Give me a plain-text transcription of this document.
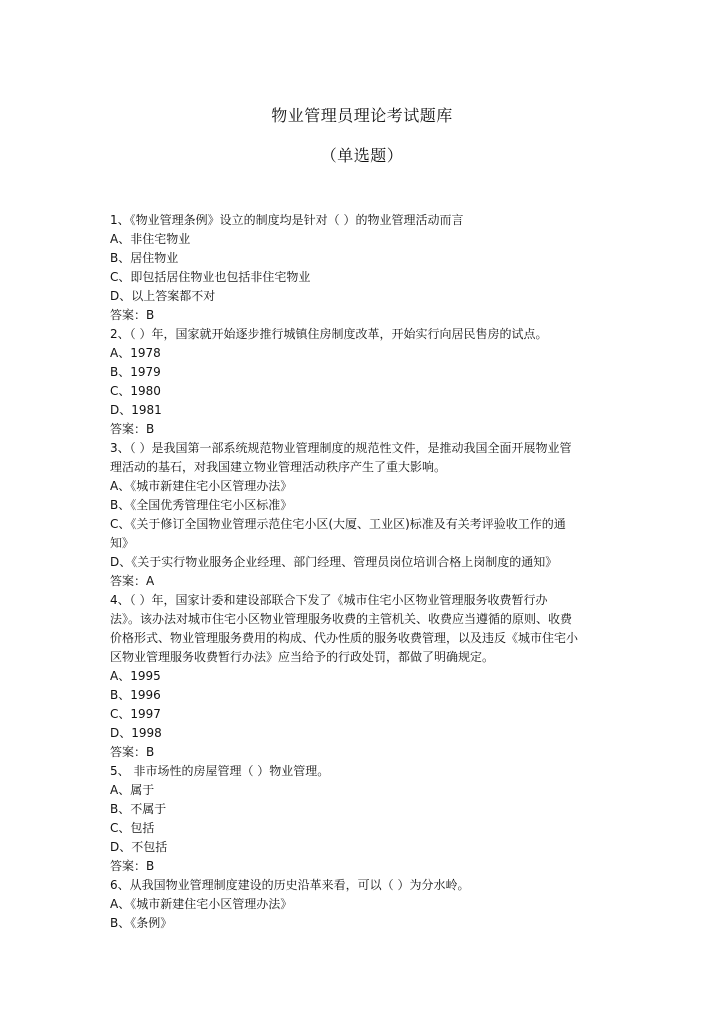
物业管理员理论考试题库
（单选题）
1、《物业管理条例》设立的制度均是针对（ ）的物业管理活动而言
A、非住宅物业
B、居住物业
C、即包括居住物业也包括非住宅物业
D、以上答案都不对
答案：B
2、（ ）年，国家就开始逐步推行城镇住房制度改革，开始实行向居民售房的试点。
A、1978
B、1979
C、1980
D、1981
答案：B
3、（ ）是我国第一部系统规范物业管理制度的规范性文件，是推动我国全面开展物业管
理活动的基石，对我国建立物业管理活动秩序产生了重大影响。
A、《城市新建住宅小区管理办法》
B、《全国优秀管理住宅小区标准》
C、《关于修订全国物业管理示范住宅小区(大厦、工业区)标准及有关考评验收工作的通
知》
D、《关于实行物业服务企业经理、部门经理、管理员岗位培训合格上岗制度的通知》
答案：A
4、（ ）年，国家计委和建设部联合下发了《城市住宅小区物业管理服务收费暂行办
法》。该办法对城市住宅小区物业管理服务收费的主管机关、收费应当遵循的原则、收费
价格形式、物业管理服务费用的构成、代办性质的服务收费管理，以及违反《城市住宅小
区物业管理服务收费暂行办法》应当给予的行政处罚，都做了明确规定。
A、1995
B、1996
C、1997
D、1998
答案：B
5、 非市场性的房屋管理（ ）物业管理。
A、属于
B、不属于
C、包括
D、不包括
答案：B
6、从我国物业管理制度建设的历史沿革来看，可以（ ）为分水岭。
A、《城市新建住宅小区管理办法》
B、《条例》
